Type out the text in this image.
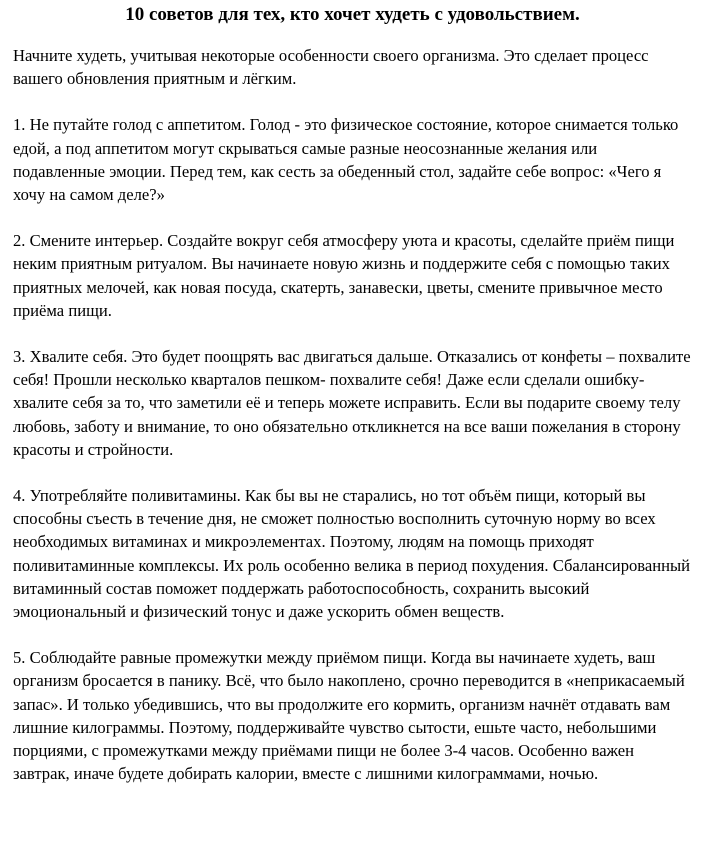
10 советов для тех, кто хочет худеть с удовольствием.

Начните худеть, учитывая некоторые особенности своего организма. Это сделает процесс вашего обновления приятным и лёгким.

1. Не путайте голод с аппетитом. Голод - это физическое состояние, которое снимается только едой, а под аппетитом могут скрываться самые разные неосознанные желания или подавленные эмоции. Перед тем, как сесть за обеденный стол, задайте себе вопрос: «Чего я хочу на самом деле?»

2. Смените интерьер. Создайте вокруг себя атмосферу уюта и красоты, сделайте приём пищи неким приятным ритуалом. Вы начинаете новую жизнь и поддержите себя с помощью таких приятных мелочей, как новая посуда, скатерть, занавески, цветы, смените привычное место приёма пищи.

3. Хвалите себя. Это будет поощрять вас двигаться дальше. Отказались от конфеты – похвалите себя! Прошли несколько кварталов пешком- похвалите себя! Даже если сделали ошибку- хвалите себя за то, что заметили её и теперь можете исправить. Если вы подарите своему телу любовь, заботу и внимание, то оно обязательно откликнется на все ваши пожелания в сторону красоты и стройности.

4. Употребляйте поливитамины. Как бы вы не старались, но тот объём пищи, который вы способны съесть в течение дня, не сможет полностью восполнить суточную норму во всех необходимых витаминах и микроэлементах. Поэтому, людям на помощь приходят поливитаминные комплексы. Их роль особенно велика в период похудения. Сбалансированный витаминный состав поможет поддержать работоспособность, сохранить высокий эмоциональный и физический тонус и даже ускорить обмен веществ.

5. Соблюдайте равные промежутки между приёмом пищи. Когда вы начинаете худеть, ваш организм бросается в панику. Всё, что было накоплено, срочно переводится в «неприкасаемый запас». И только убедившись, что вы продолжите его кормить, организм начнёт отдавать вам лишние килограммы. Поэтому, поддерживайте чувство сытости, ешьте часто, небольшими порциями, с промежутками между приёмами пищи не более 3-4 часов. Особенно важен завтрак, иначе будете добирать калории, вместе с лишними килограммами, ночью.
